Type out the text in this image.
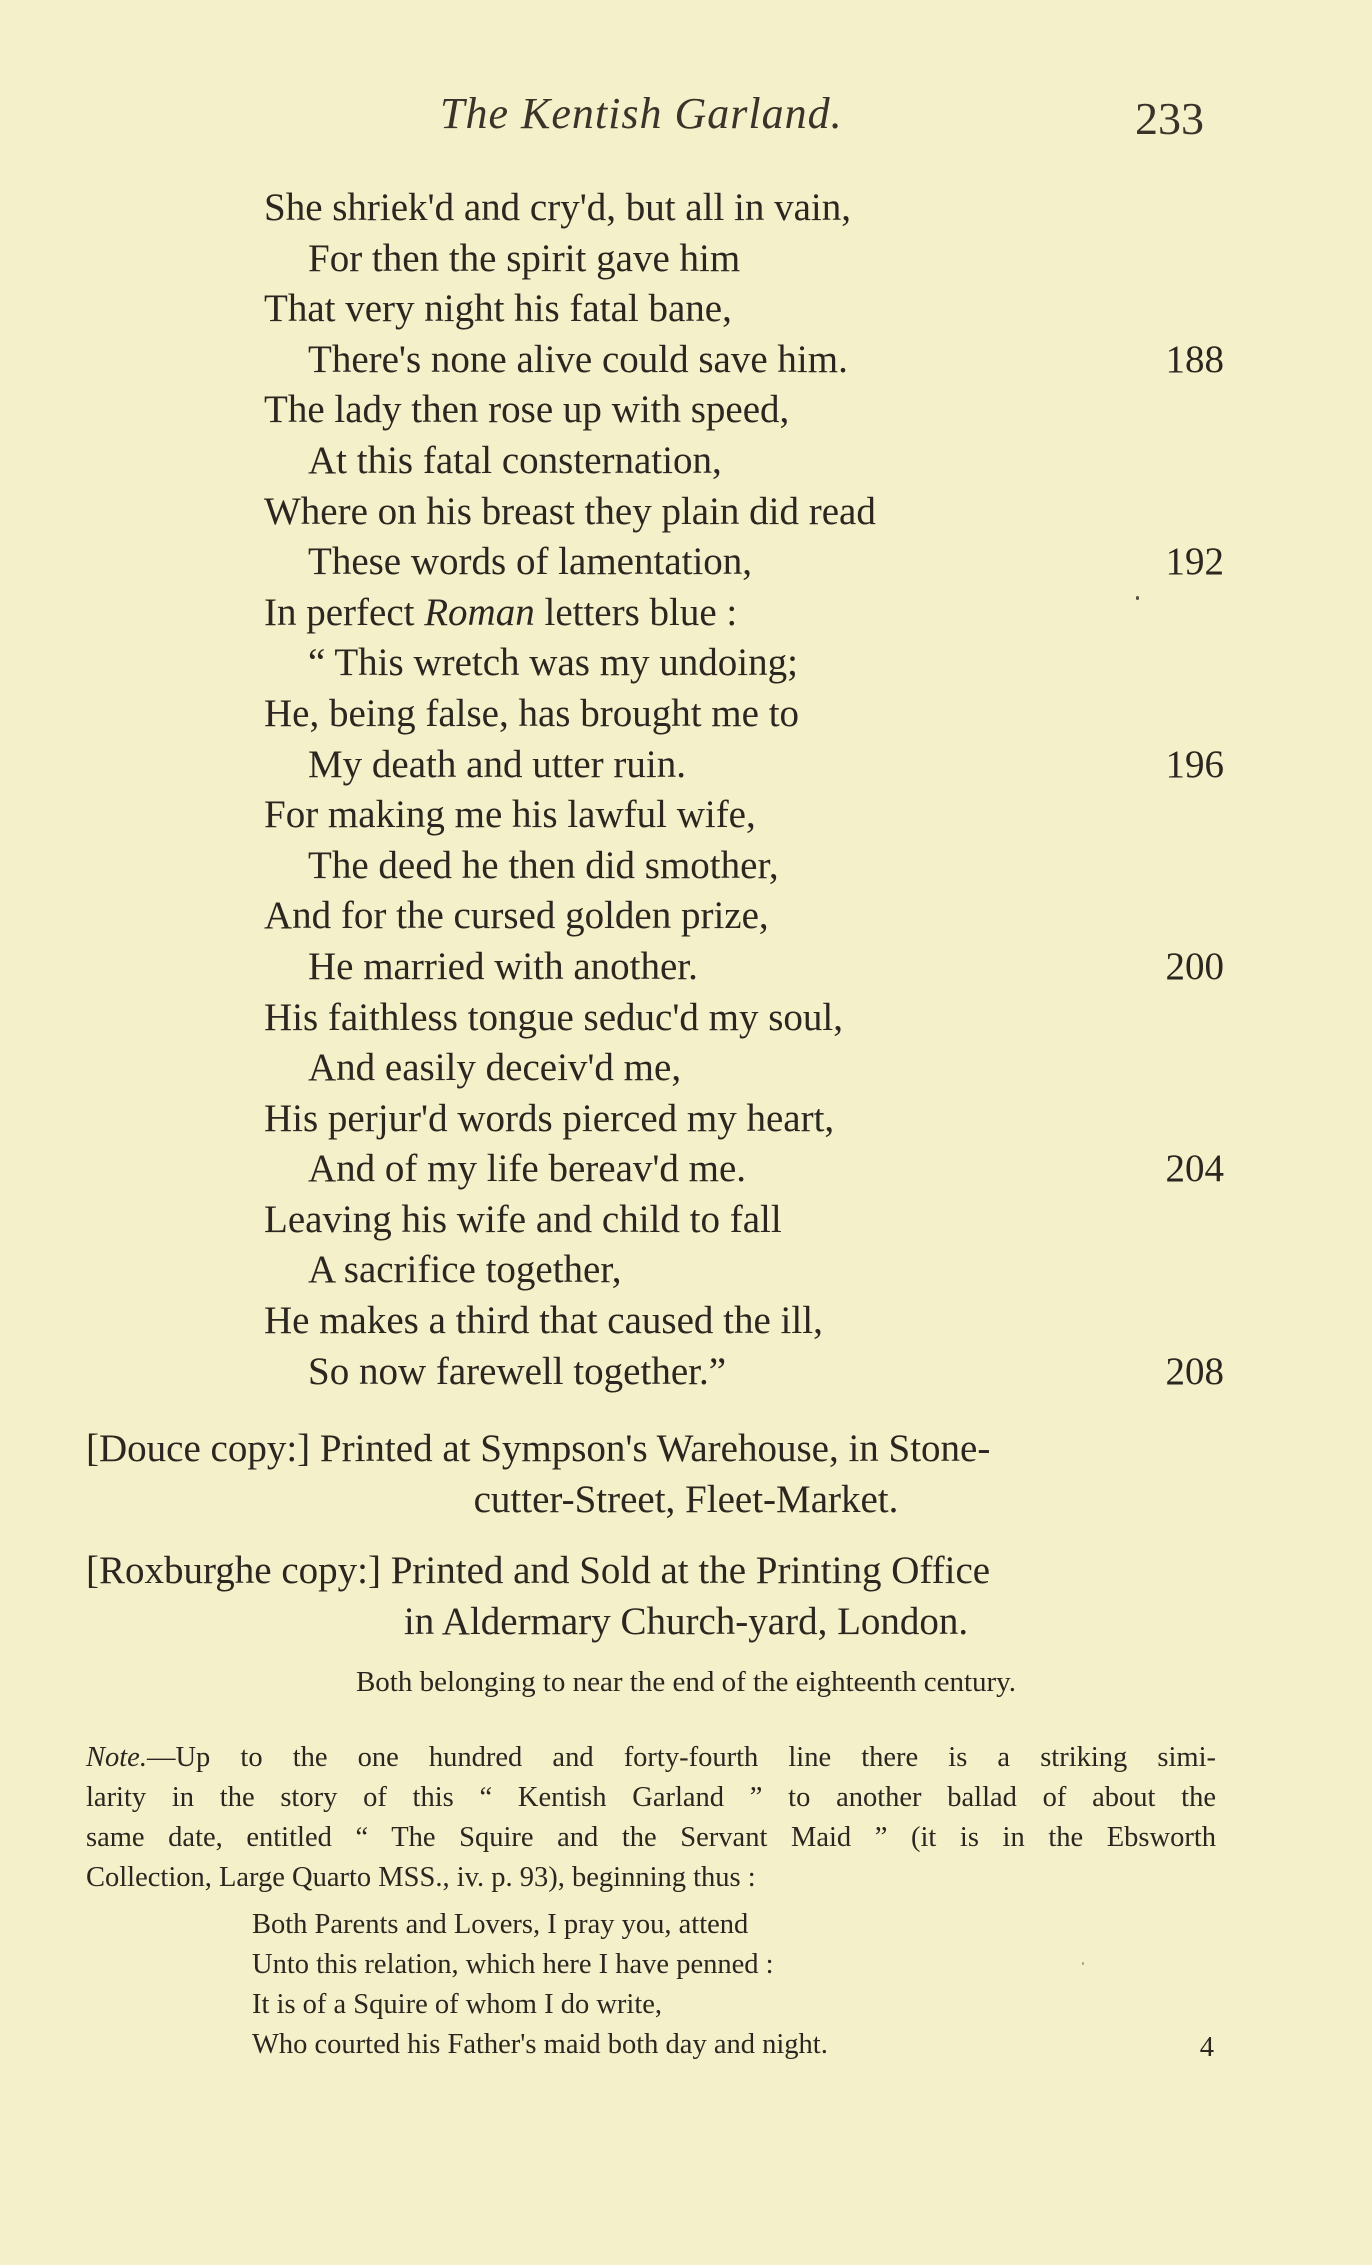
The Kentish Garland.	233
She shriek'd and cry'd, but all in vain,
For then the spirit gave him
That very night his fatal bane,
There's none alive could save him.	188
The lady then rose up with speed,
At this fatal consternation,
Where on his breast they plain did read
These words of lamentation,	192
In perfect Roman letters blue :
“ This wretch was my undoing;
He, being false, has brought me to
My death and utter ruin.	196
For making me his lawful wife,
The deed he then did smother,
And for the cursed golden prize,
He married with another.	200
His faithless tongue seduc'd my soul,
And easily deceiv'd me,
His perjur'd words pierced my heart,
And of my life bereav'd me.	204
Leaving his wife and child to fall
A sacrifice together,
He makes a third that caused the ill,
So now farewell together.”	208
[Douce copy:] Printed at Sympson's Warehouse, in Stone-
cutter-Street, Fleet-Market.
[Roxburghe copy:] Printed and Sold at the Printing Office
in Aldermary Church-yard, London.
Both belonging to near the end of the eighteenth century.
Note.—Up to the one hundred and forty-fourth line there is a striking simi-
larity in the story of this “ Kentish Garland ” to another ballad of about the
same date, entitled “ The Squire and the Servant Maid ” (it is in the Ebsworth
Collection, Large Quarto MSS., iv. p. 93), beginning thus :
Both Parents and Lovers, I pray you, attend
Unto this relation, which here I have penned :
It is of a Squire of whom I do write,
Who courted his Father's maid both day and night.	4
